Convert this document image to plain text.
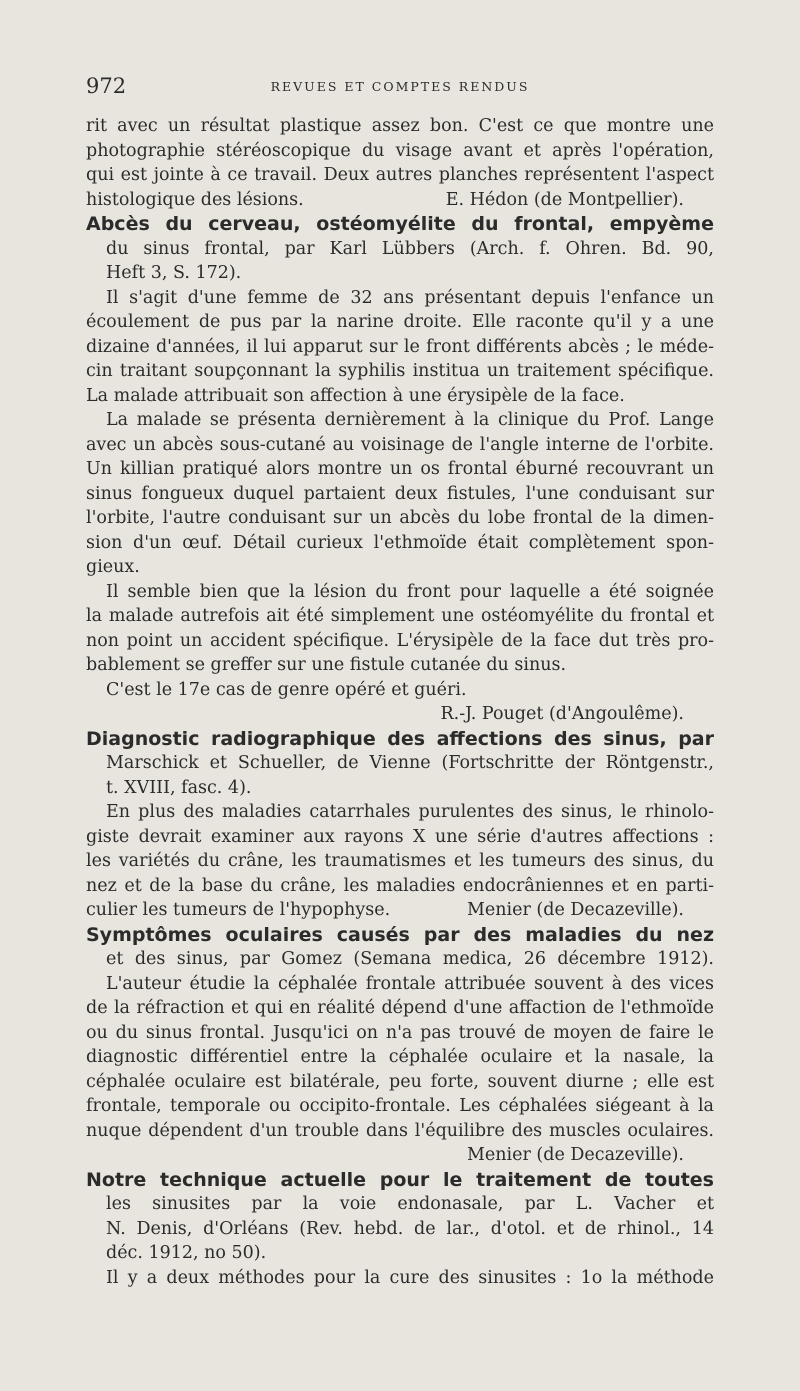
972	REVUES ET COMPTES RENDUS
rit avec un résultat plastique assez bon. C'est ce que montre une
photographie stéréoscopique du visage avant et après l'opération,
qui est jointe à ce travail. Deux autres planches représentent l'aspect
histologique des lésions.	E. Hédon (de Montpellier).
Abcès du cerveau, ostéomyélite du frontal, empyème
du sinus frontal, par Karl Lübbers (Arch. f. Ohren. Bd. 90,
Heft 3, S. 172).
Il s'agit d'une femme de 32 ans présentant depuis l'enfance un
écoulement de pus par la narine droite. Elle raconte qu'il y a une
dizaine d'années, il lui apparut sur le front différents abcès ; le méde-
cin traitant soupçonnant la syphilis institua un traitement spécifique.
La malade attribuait son affection à une érysipèle de la face.
La malade se présenta dernièrement à la clinique du Prof. Lange
avec un abcès sous-cutané au voisinage de l'angle interne de l'orbite.
Un killian pratiqué alors montre un os frontal éburné recouvrant un
sinus fongueux duquel partaient deux fistules, l'une conduisant sur
l'orbite, l'autre conduisant sur un abcès du lobe frontal de la dimen-
sion d'un œuf. Détail curieux l'ethmoïde était complètement spon-
gieux.
Il semble bien que la lésion du front pour laquelle a été soignée
la malade autrefois ait été simplement une ostéomyélite du frontal et
non point un accident spécifique. L'érysipèle de la face dut très pro-
bablement se greffer sur une fistule cutanée du sinus.
C'est le 17e cas de genre opéré et guéri.
R.-J. Pouget (d'Angoulême).
Diagnostic radiographique des affections des sinus, par
Marschick et Schueller, de Vienne (Fortschritte der Röntgenstr.,
t. XVIII, fasc. 4).
En plus des maladies catarrhales purulentes des sinus, le rhinolo-
giste devrait examiner aux rayons X une série d'autres affections :
les variétés du crâne, les traumatismes et les tumeurs des sinus, du
nez et de la base du crâne, les maladies endocrâniennes et en parti-
culier les tumeurs de l'hypophyse.	Menier (de Decazeville).
Symptômes oculaires causés par des maladies du nez
et des sinus, par Gomez (Semana medica, 26 décembre 1912).
L'auteur étudie la céphalée frontale attribuée souvent à des vices
de la réfraction et qui en réalité dépend d'une affaction de l'ethmoïde
ou du sinus frontal. Jusqu'ici on n'a pas trouvé de moyen de faire le
diagnostic différentiel entre la céphalée oculaire et la nasale, la
céphalée oculaire est bilatérale, peu forte, souvent diurne ; elle est
frontale, temporale ou occipito-frontale. Les céphalées siégeant à la
nuque dépendent d'un trouble dans l'équilibre des muscles oculaires.
Menier (de Decazeville).
Notre technique actuelle pour le traitement de toutes
les sinusites par la voie endonasale, par L. Vacher et
N. Denis, d'Orléans (Rev. hebd. de lar., d'otol. et de rhinol., 14
déc. 1912, no 50).
Il y a deux méthodes pour la cure des sinusites : 1o la méthode
